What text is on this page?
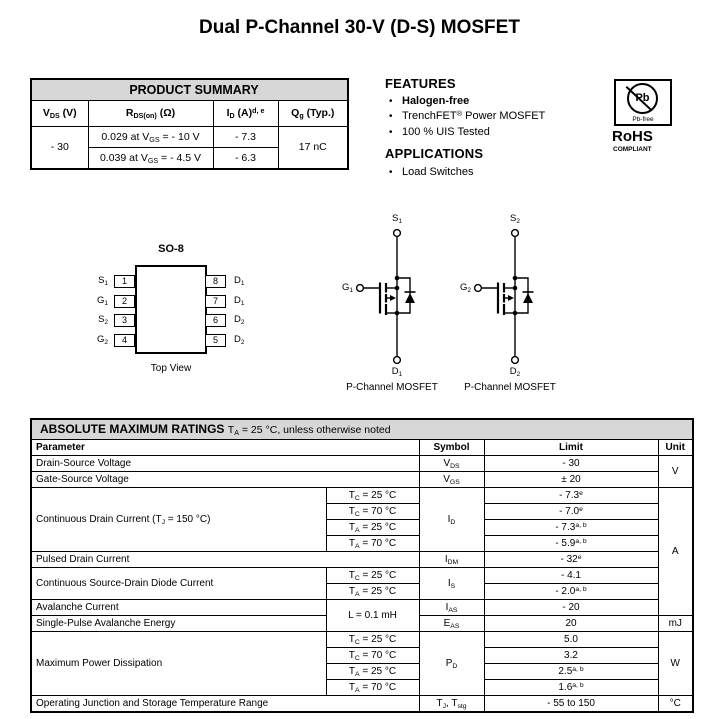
Dual P-Channel 30-V (D-S) MOSFET
PRODUCT SUMMARY			
$V_{DS}$ (V)	$R_{DS(on)}$ (Ω)	$I_D$ $(A)^{d, e}$	$Q_g$ (Typ.)
- 30	0.029 at $V_{GS}$ = - 10 V	- 7.3	17 nC
	0.039 at $V_{GS}$ = - 4.5 V	- 6.3	
FEATURES
• Halogen-free
• TrenchFET® Power MOSFET
• 100 % UIS Tested
APPLICATIONS
• Load Switches
Pb
Pb-free
RoHS
COMPLIANT
SO-8
1
2
3
4
8
7
6
5
$S_1$
$G_1$
$S_2$
$G_2$
$D_1$
$D_1$
$D_2$
$D_2$
Top View
$S_1$
$G_1$
$D_1$
P-Channel MOSFET
$S_2$
$G_2$
$D_2$
P-Channel MOSFET
ABSOLUTE MAXIMUM RATINGS $T_A = 25$ °C, unless otherwise noted				
Parameter		Symbol	Limit	Unit
Drain-Source Voltage		$V_{DS}$	- 30	V
Gate-Source Voltage		$V_{GS}$	± 20	
Continuous Drain Current ($T_J = 150$ °C)	$T_C = 25$ °C	$I_D$	- 7.3e	A
	$T_C = 70$ °C		- 7.0e
	$T_A = 25$ °C		- 7.3$^{a, b}$
	$T_A = 70$ °C		- 5.9$^{a, b}$
Pulsed Drain Current		$I_{DM}$	- 32e
Continuous Source-Drain Diode Current	$T_C = 25$ °C	$I_S$	- 4.1	
	$T_A = 25$ °C		- 2.0$^{a, b}$
Avalanche Current	L = 0.1 mH	$I_{AS}$	- 20	
Single-Pulse Avalanche Energy		$E_{AS}$	20	mJ
Maximum Power Dissipation	$T_C = 25$ °C	$P_D$	5.0	W
	$T_C = 70$ °C		3.2	
	$T_A = 25$ °C		2.5$^{a, b}$
	$T_A = 70$ °C		1.6$^{a, b}$
Operating Junction and Storage Temperature Range		$T_J$, $T_{stg}$	- 55 to 150	°C
